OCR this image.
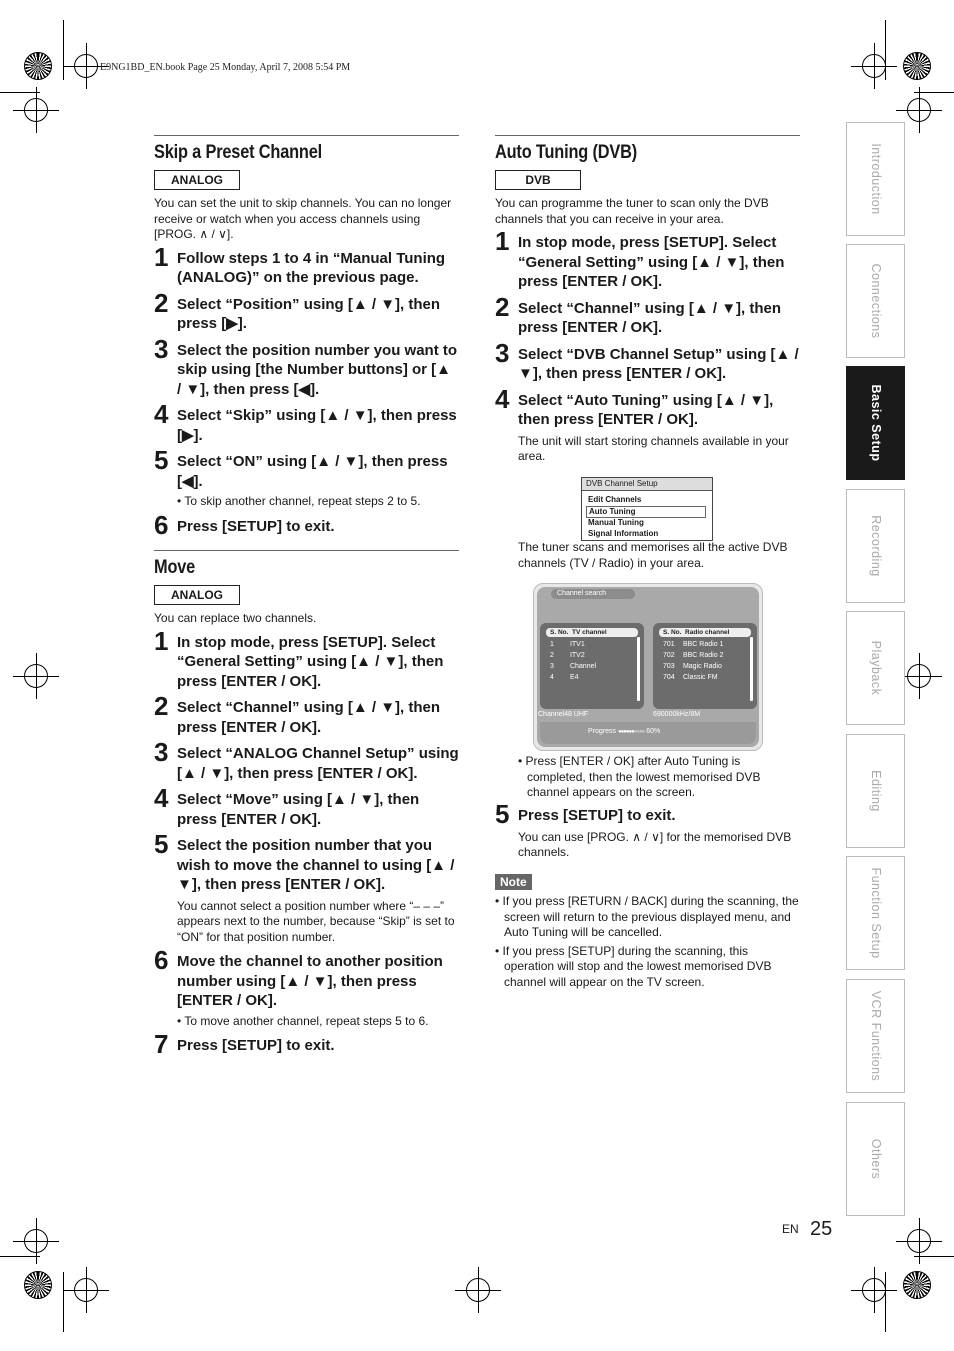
E9NG1BD_EN.book Page 25 Monday, April 7, 2008 5:54 PM
Skip a Preset Channel
ANALOG
You can set the unit to skip channels. You can no longer receive or watch when you access channels using [PROG. ∧ / ∨].
1 Follow steps 1 to 4 in “Manual Tuning (ANALOG)” on the previous page.
2 Select “Position” using [▲ / ▼], then press [▶].
3 Select the position number you want to skip using [the Number buttons] or [▲ / ▼], then press [◀].
4 Select “Skip” using [▲ / ▼], then press [▶].
5 Select “ON” using [▲ / ▼], then press [◀].
• To skip another channel, repeat steps 2 to 5.
6 Press [SETUP] to exit.
Move
ANALOG
You can replace two channels.
1 In stop mode, press [SETUP]. Select “General Setting” using [▲ / ▼], then press [ENTER / OK].
2 Select “Channel” using [▲ / ▼], then press [ENTER / OK].
3 Select “ANALOG Channel Setup” using [▲ / ▼], then press [ENTER / OK].
4 Select “Move” using [▲ / ▼], then press [ENTER / OK].
5 Select the position number that you wish to move the channel to using [▲ / ▼], then press [ENTER / OK].
You cannot select a position number where “– – –” appears next to the number, because “Skip” is set to “ON” for that position number.
6 Move the channel to another position number using [▲ / ▼], then press [ENTER / OK].
• To move another channel, repeat steps 5 to 6.
7 Press [SETUP] to exit.
Auto Tuning (DVB)
DVB
You can programme the tuner to scan only the DVB channels that you can receive in your area.
1 In stop mode, press [SETUP]. Select “General Setting” using [▲ / ▼], then press [ENTER / OK].
2 Select “Channel” using [▲ / ▼], then press [ENTER / OK].
3 Select “DVB Channel Setup” using [▲ / ▼], then press [ENTER / OK].
4 Select “Auto Tuning” using [▲ / ▼], then press [ENTER / OK].
The unit will start storing channels available in your area.
DVB Channel Setup
Edit Channels
Auto Tuning
Manual Tuning
Signal Information
The tuner scans and memorises all the active DVB channels (TV / Radio) in your area.
Channel search
S. No. TV channel
1 ITV1
2 ITV2
3 Channel
4 E4
S. No. Radio channel
701 BBC Radio 1
702 BBC Radio 2
703 Magic Radio
704 Classic FM
Channel48 UHF	690000kHz/8M
Progress ●●●●●●●●●● 60%
• Press [ENTER / OK] after Auto Tuning is completed, then the lowest memorised DVB channel appears on the screen.
5 Press [SETUP] to exit.
You can use [PROG. ∧ / ∨] for the memorised DVB channels.
Note
• If you press [RETURN / BACK] during the scanning, the screen will return to the previous displayed menu, and Auto Tuning will be cancelled.
• If you press [SETUP] during the scanning, this operation will stop and the lowest memorised DVB channel will appear on the TV screen.
Introduction
Connections
Basic Setup
Recording
Playback
Editing
Function Setup
VCR Functions
Others
EN 25
